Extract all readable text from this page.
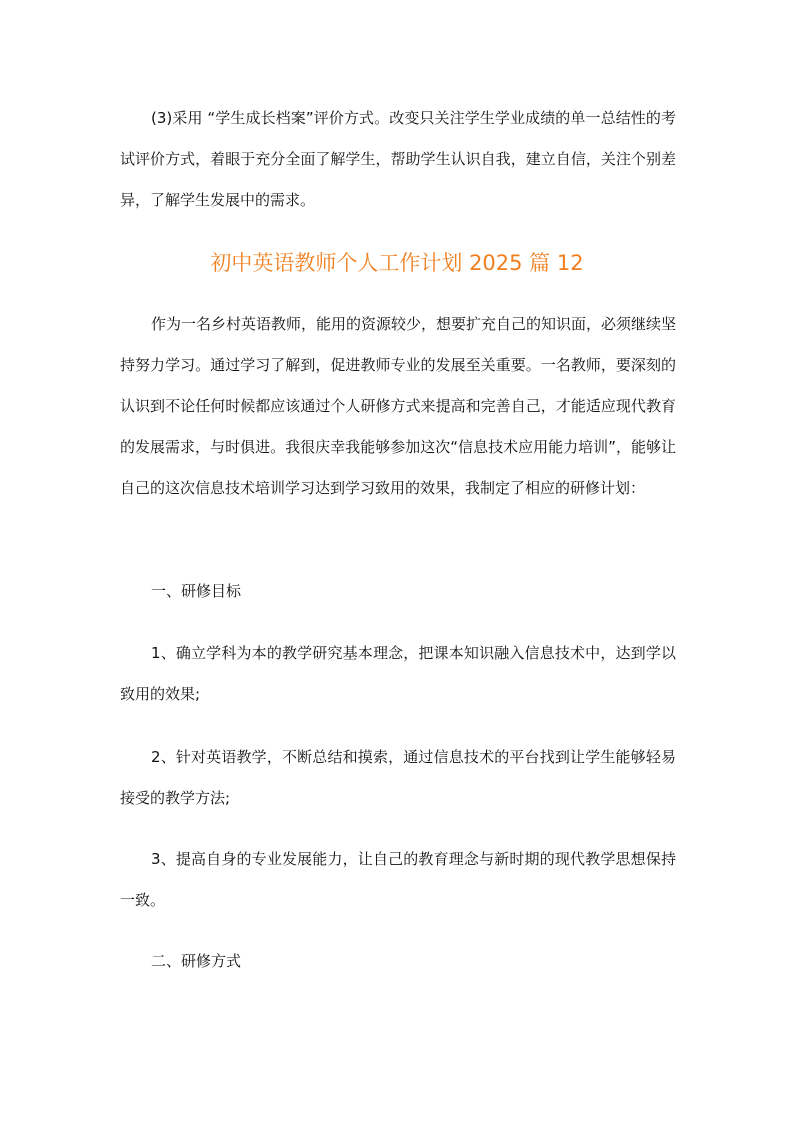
(3)采用 “学生成长档案”评价方式。改变只关注学生学业成绩的单一总结性的考试评价方式，着眼于充分全面了解学生，帮助学生认识自我，建立自信，关注个别差异，了解学生发展中的需求。

初中英语教师个人工作计划 2025 篇 12

作为一名乡村英语教师，能用的资源较少，想要扩充自己的知识面，必须继续坚持努力学习。通过学习了解到，促进教师专业的发展至关重要。一名教师，要深刻的认识到不论任何时候都应该通过个人研修方式来提高和完善自己，才能适应现代教育的发展需求，与时俱进。我很庆幸我能够参加这次“信息技术应用能力培训”，能够让自己的这次信息技术培训学习达到学习致用的效果，我制定了相应的研修计划：

一、研修目标

1、确立学科为本的教学研究基本理念，把课本知识融入信息技术中，达到学以致用的效果;

2、针对英语教学，不断总结和摸索，通过信息技术的平台找到让学生能够轻易接受的教学方法;

3、提高自身的专业发展能力，让自己的教育理念与新时期的现代教学思想保持一致。

二、研修方式
